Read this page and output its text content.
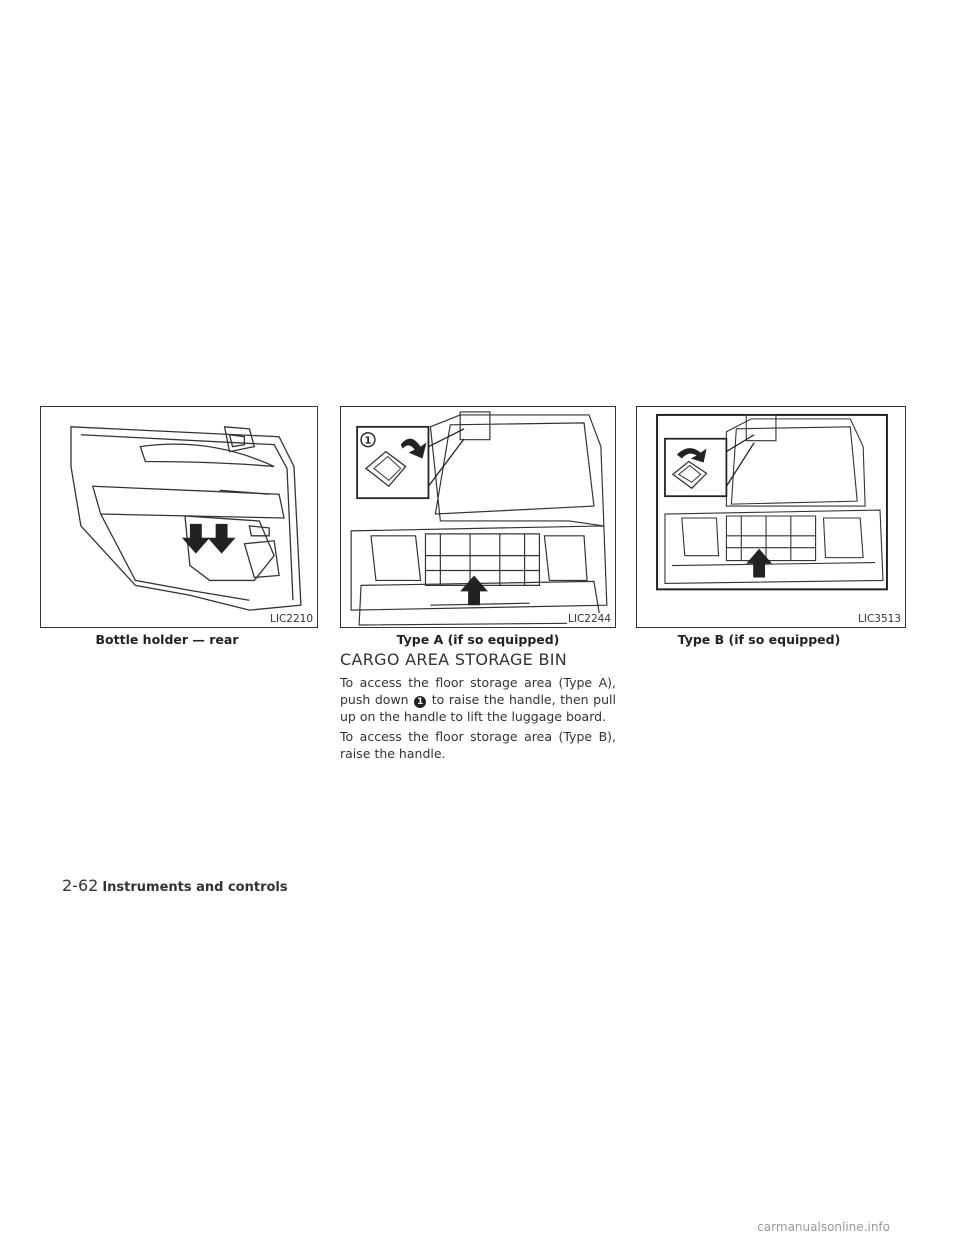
LIC2210
Bottle holder — rear
1
LIC2244
Type A (if so equipped)
LIC3513
Type B (if so equipped)
CARGO AREA STORAGE BIN

To access the floor storage area (Type A), push down 1 to raise the handle, then pull up on the handle to lift the luggage board.

To access the floor storage area (Type B), raise the handle.

2-62 Instruments and controls
carmanualsonline.info
